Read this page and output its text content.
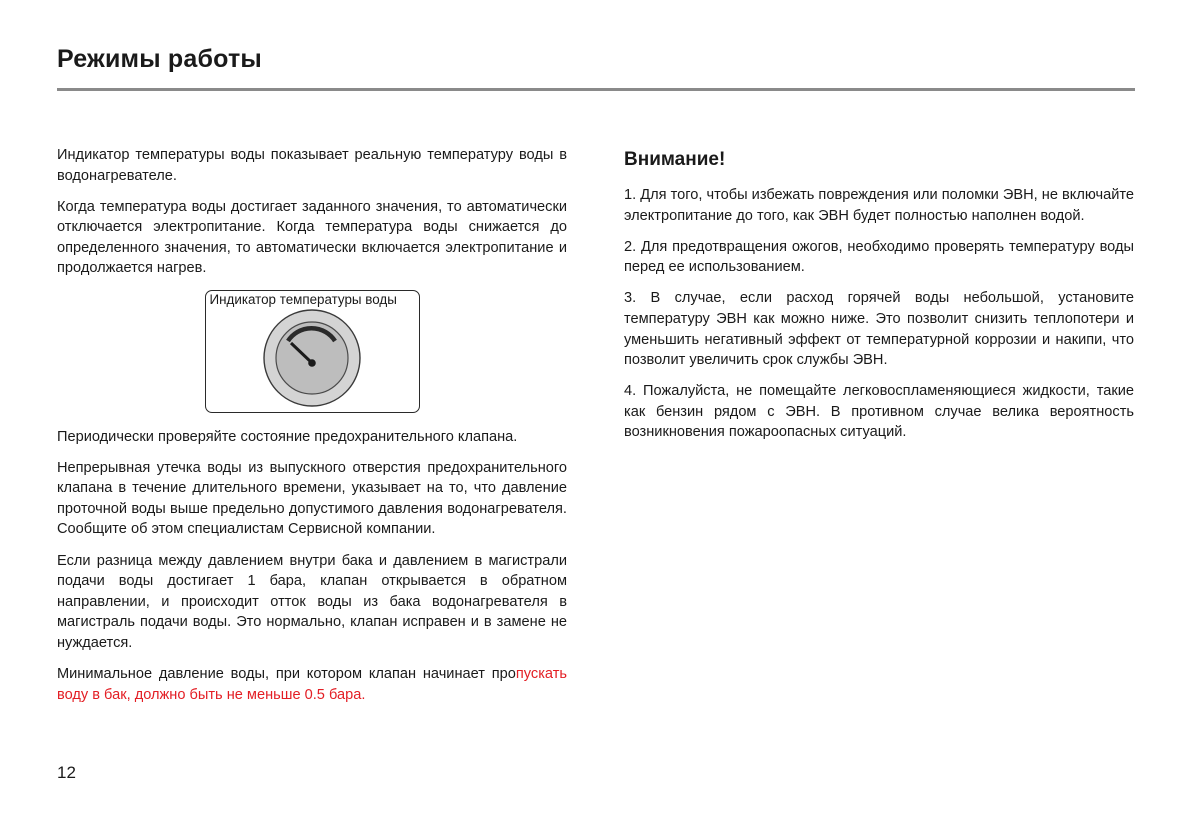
Режимы работы

Индикатор температуры воды показывает реальную температуру воды в водонагревателе.

Когда температура воды достигает заданного значения, то автоматически отключается электропитание. Когда температура воды снижается до определенного значения, то автоматически включается электропитание и продолжается нагрев.

Индикатор температуры воды

Периодически проверяйте состояние предохранительного клапана.

Непрерывная утечка воды из выпускного отверстия предохранительного клапана в течение длительного времени, указывает на то, что давление проточной воды выше предельно допустимого давления водонагревателя. Сообщите об этом специалистам Сервисной компании.

Если разница между давлением внутри бака и давлением в магистрали подачи воды достигает 1 бара, клапан открывается в обратном направлении, и происходит отток воды из бака водонагревателя в магистраль подачи воды. Это нормально, клапан исправен и в замене не нуждается.

Минимальное давление воды, при котором клапан начинает пропускать воду в бак, должно быть не меньше 0.5 бара.

Внимание!

1. Для того, чтобы избежать повреждения или поломки ЭВН, не включайте электропитание до того, как ЭВН будет полностью наполнен водой.

2. Для предотвращения ожогов, необходимо проверять температуру воды перед ее использованием.

3. В случае, если расход горячей воды небольшой, установите температуру ЭВН как можно ниже. Это позволит снизить теплопотери и уменьшить негативный эффект от температурной коррозии и накипи, что позволит увеличить срок службы ЭВН.

4. Пожалуйста, не помещайте легковоспламеняющиеся жидкости, такие как бензин рядом с ЭВН. В противном случае велика вероятность возникновения пожароопасных ситуаций.

12
